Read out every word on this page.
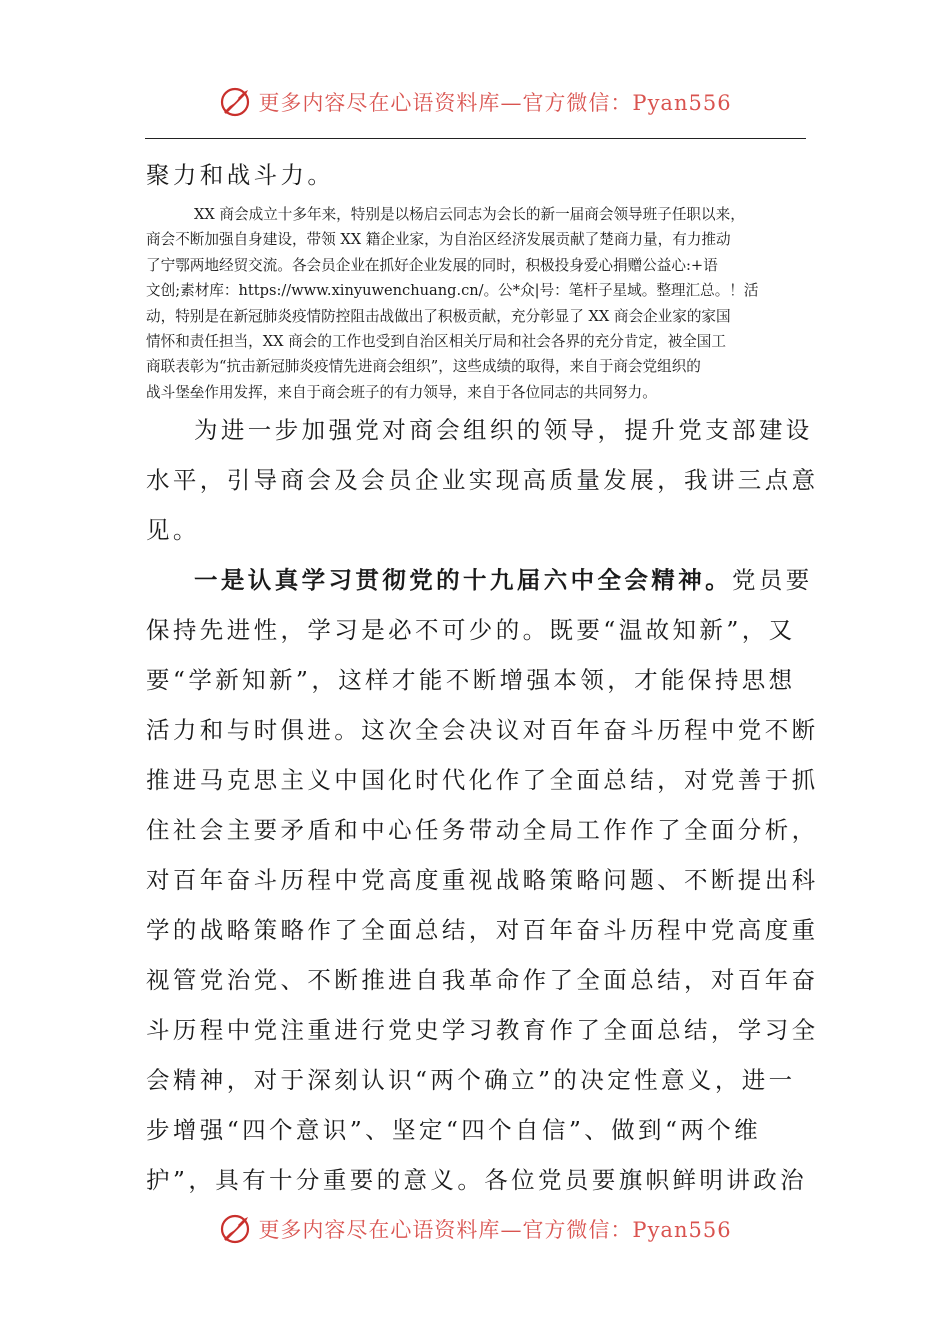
更多内容尽在心语资料库—官方微信：Pyan556
聚力和战斗力。
XX 商会成立十多年来，特别是以杨启云同志为会长的新一届商会领导班子任职以来，
商会不断加强自身建设，带领 XX 籍企业家，为自治区经济发展贡献了楚商力量，有力推动
了宁鄂两地经贸交流。各会员企业在抓好企业发展的同时，积极投身爱心捐赠公益心:+语
文创;素材库：https://www.xinyuwenchuang.cn/。公*众|号：笔杆子星域。整理汇总。！活
动，特别是在新冠肺炎疫情防控阻击战做出了积极贡献，充分彰显了 XX 商会企业家的家国
情怀和责任担当，XX 商会的工作也受到自治区相关厅局和社会各界的充分肯定，被全国工
商联表彰为“抗击新冠肺炎疫情先进商会组织”，这些成绩的取得，来自于商会党组织的
战斗堡垒作用发挥，来自于商会班子的有力领导，来自于各位同志的共同努力。
为进一步加强党对商会组织的领导，提升党支部建设
水平，引导商会及会员企业实现高质量发展，我讲三点意
见。
一是认真学习贯彻党的十九届六中全会精神。党员要
保持先进性，学习是必不可少的。既要“温故知新”，又
要“学新知新”，这样才能不断增强本领，才能保持思想
活力和与时俱进。这次全会决议对百年奋斗历程中党不断
推进马克思主义中国化时代化作了全面总结，对党善于抓
住社会主要矛盾和中心任务带动全局工作作了全面分析，
对百年奋斗历程中党高度重视战略策略问题、不断提出科
学的战略策略作了全面总结，对百年奋斗历程中党高度重
视管党治党、不断推进自我革命作了全面总结，对百年奋
斗历程中党注重进行党史学习教育作了全面总结，学习全
会精神，对于深刻认识“两个确立”的决定性意义，进一
步增强“四个意识”、坚定“四个自信”、做到“两个维
护”，具有十分重要的意义。各位党员要旗帜鲜明讲政治
更多内容尽在心语资料库—官方微信：Pyan556
